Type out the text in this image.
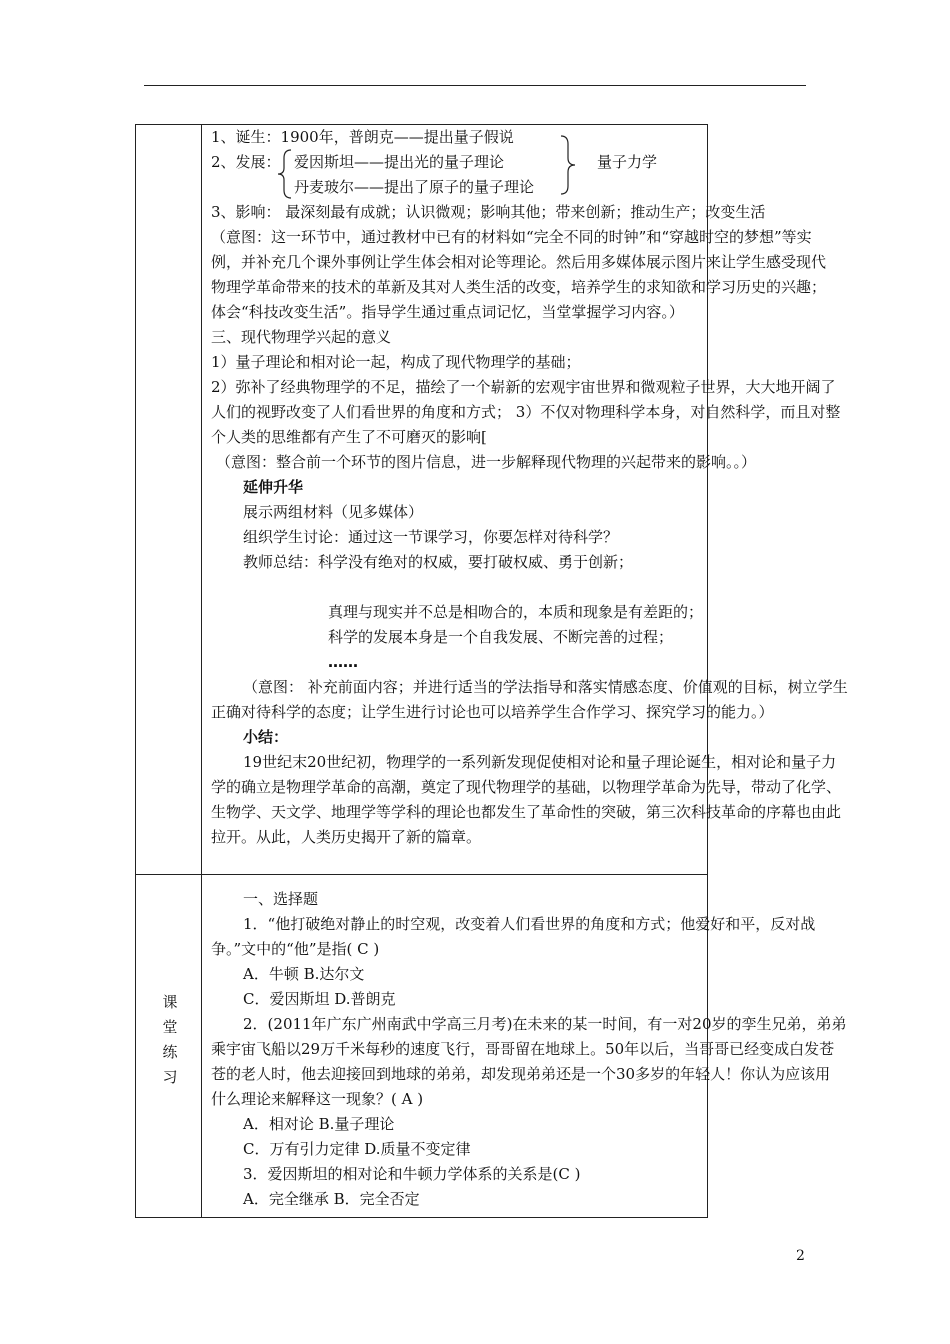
1、诞生：1900年，普朗克——提出量子假说
2、发展： 爱因斯坦——提出光的量子理论
丹麦玻尔——提出了原子的量子理论
量子力学
3、影响： 最深刻最有成就；认识微观；影响其他；带来创新；推动生产；改变生活
（意图：这一环节中，通过教材中已有的材料如“完全不同的时钟”和“穿越时空的梦想”等实
例，并补充几个课外事例让学生体会相对论等理论。然后用多媒体展示图片来让学生感受现代
物理学革命带来的技术的革新及其对人类生活的改变，培养学生的求知欲和学习历史的兴趣；
体会“科技改变生活”。指导学生通过重点词记忆，当堂掌握学习内容。）
三、现代物理学兴起的意义
1）量子理论和相对论一起，构成了现代物理学的基础；
2）弥补了经典物理学的不足，描绘了一个崭新的宏观宇宙世界和微观粒子世界，大大地开阔了
人们的视野改变了人们看世界的角度和方式； 3）不仅对物理科学本身，对自然科学，而且对整
个人类的思维都有产生了不可磨灭的影响[
（意图：整合前一个环节的图片信息，进一步解释现代物理的兴起带来的影响。。）
延伸升华
展示两组材料（见多媒体）
组织学生讨论：通过这一节课学习，你要怎样对待科学？
教师总结：科学没有绝对的权威，要打破权威、勇于创新；
真理与现实并不总是相吻合的，本质和现象是有差距的；
科学的发展本身是一个自我发展、不断完善的过程；
……
（意图： 补充前面内容；并进行适当的学法指导和落实情感态度、价值观的目标，树立学生
正确对待科学的态度；让学生进行讨论也可以培养学生合作学习、探究学习的能力。）
小结：
19世纪末20世纪初，物理学的一系列新发现促使相对论和量子理论诞生，相对论和量子力
学的确立是物理学革命的高潮，奠定了现代物理学的基础，以物理学革命为先导，带动了化学、
生物学、天文学、地理学等学科的理论也都发生了革命性的突破，第三次科技革命的序幕也由此
拉开。从此，人类历史揭开了新的篇章。
课
堂
练
习
一、选择题
1．“他打破绝对静止的时空观，改变着人们看世界的角度和方式；他爱好和平，反对战
争。”文中的“他”是指( C )
A．牛顿 B.达尔文
C．爱因斯坦 D.普朗克
2．(2011年广东广州南武中学高三月考)在未来的某一时间，有一对20岁的孪生兄弟，弟弟
乘宇宙飞船以29万千米每秒的速度飞行，哥哥留在地球上。50年以后，当哥哥已经变成白发苍
苍的老人时，他去迎接回到地球的弟弟，却发现弟弟还是一个30多岁的年轻人！你认为应该用
什么理论来解释这一现象？( A )
A．相对论 B.量子理论
C．万有引力定律 D.质量不变定律
3．爱因斯坦的相对论和牛顿力学体系的关系是(C )
A．完全继承 B．完全否定
2
